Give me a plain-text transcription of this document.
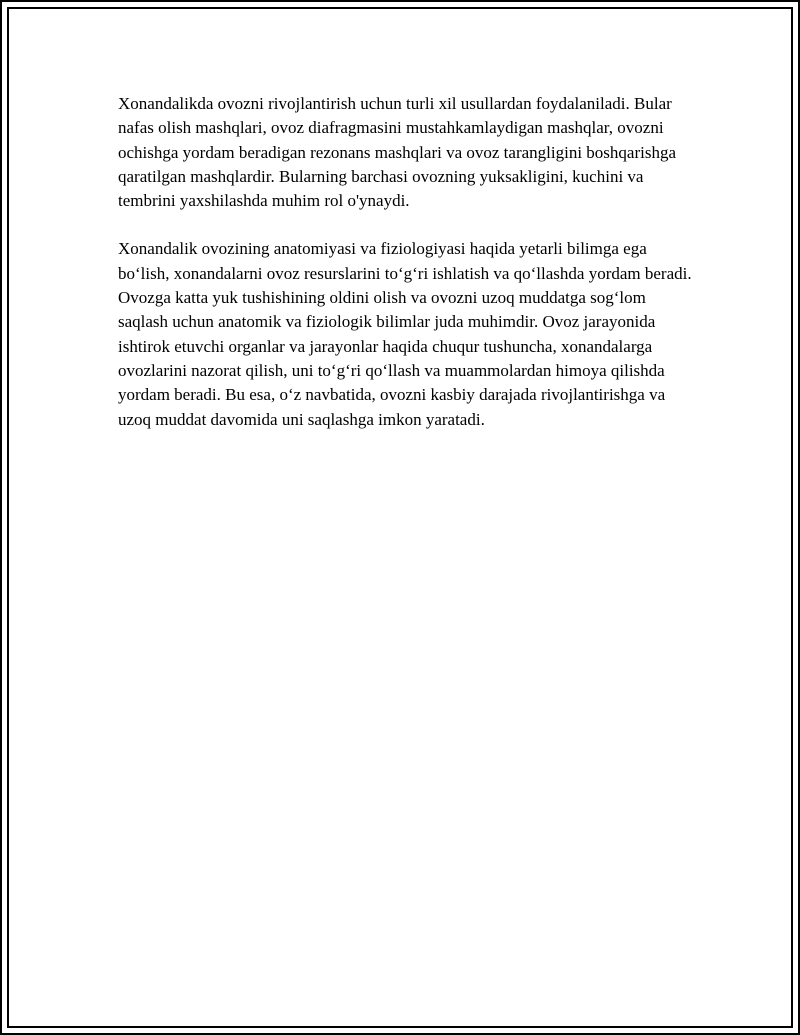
Xonandalikda ovozni rivojlantirish uchun turli xil usullardan foydalaniladi. Bular nafas olish mashqlari, ovoz diafragmasini mustahkamlaydigan mashqlar, ovozni ochishga yordam beradigan rezonans mashqlari va ovoz tarangligini boshqarishga qaratilgan mashqlardir. Bularning barchasi ovozning yuksakligini, kuchini va tembrini yaxshilashda muhim rol o'ynaydi.

Xonandalik ovozining anatomiyasi va fiziologiyasi haqida yetarli bilimga ega bo‘lish, xonandalarni ovoz resurslarini to‘g‘ri ishlatish va qo‘llashda yordam beradi. Ovozga katta yuk tushishining oldini olish va ovozni uzoq muddatga sog‘lom saqlash uchun anatomik va fiziologik bilimlar juda muhimdir. Ovoz jarayonida ishtirok etuvchi organlar va jarayonlar haqida chuqur tushuncha, xonandalarga ovozlarini nazorat qilish, uni to‘g‘ri qo‘llash va muammolardan himoya qilishda yordam beradi. Bu esa, o‘z navbatida, ovozni kasbiy darajada rivojlantirishga va uzoq muddat davomida uni saqlashga imkon yaratadi.
